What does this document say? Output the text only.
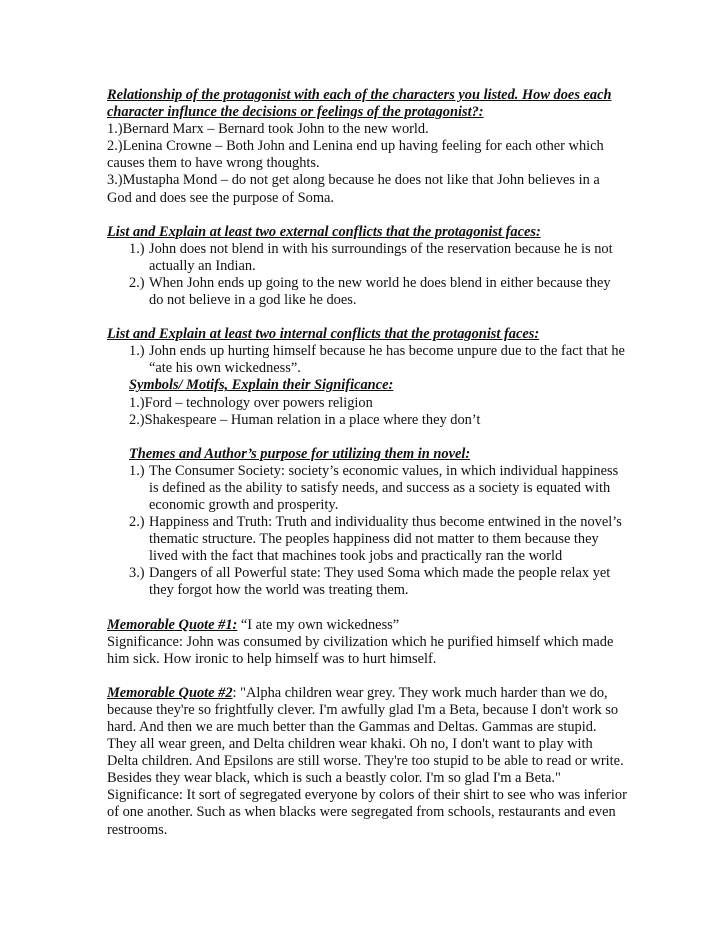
Relationship of the protagonist with each of the characters you listed. How does each character influnce the decisions or feelings of the protagonist?:

1.)Bernard Marx – Bernard took John to the new world.

2.)Lenina Crowne – Both John and Lenina end up having feeling for each other which causes them to have wrong thoughts.

3.)Mustapha Mond – do not get along because he does not like that John believes in a God and does see the purpose of Soma.

List and Explain at least two external conflicts that the protagonist faces:

1.) John does not blend in with his surroundings of the reservation because he is not actually an Indian.
2.) When John ends up going to the new world he does blend in either because they do not believe in a god like he does.

List and Explain at least two internal conflicts that the protagonist faces:

1.) John ends up hurting himself because he has become unpure due to the fact that he “ate his own wickedness”.

Symbols/ Motifs, Explain their Significance:

1.)Ford – technology over powers religion

2.)Shakespeare – Human relation in a place where they don’t

Themes and Author’s purpose for utilizing them in novel:

1.) The Consumer Society: society’s economic values, in which individual happiness is defined as the ability to satisfy needs, and success as a society is equated with economic growth and prosperity.
2.) Happiness and Truth: Truth and individuality thus become entwined in the novel’s thematic structure. The peoples happiness did not matter to them because they lived with the fact that machines took jobs and practically ran the world
3.) Dangers of all Powerful state: They used Soma which made the people relax yet they forgot how the world was treating them.

Memorable Quote #1: “I ate my own wickedness”

Significance: John was consumed by civilization which he purified himself which made him sick. How ironic to help himself was to hurt himself.

Memorable Quote #2: "Alpha children wear grey. They work much harder than we do, because they're so frightfully clever. I'm awfully glad I'm a Beta, because I don't work so hard. And then we are much better than the Gammas and Deltas. Gammas are stupid. They all wear green, and Delta children wear khaki. Oh no, I don't want to play with Delta children. And Epsilons are still worse. They're too stupid to be able to read or write. Besides they wear black, which is such a beastly color. I'm so glad I'm a Beta."

Significance: It sort of segregated everyone by colors of their shirt to see who was inferior of one another. Such as when blacks were segregated from schools, restaurants and even restrooms.
